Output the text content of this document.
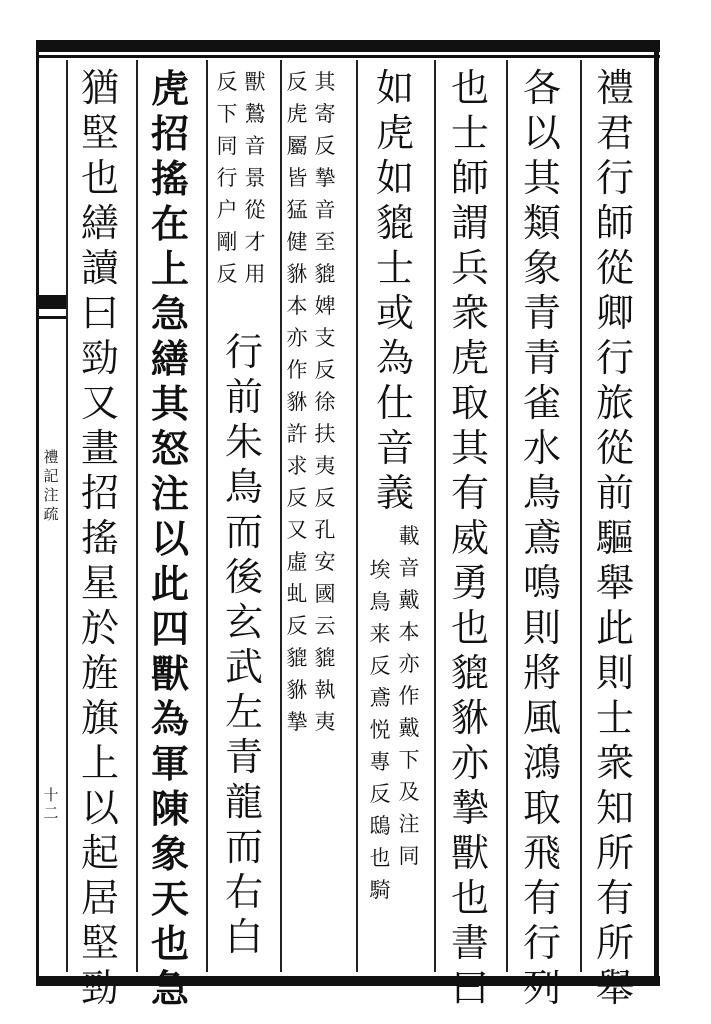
禮
記
注
疏
十
二
禮
君
行
師
從
卿
行
旅
從
前
驅
舉
此
則
士
衆
知
所
有
所
舉
各
以
其
類
象
青
青
雀
水
鳥
鳶
鳴
則
將
風
鴻
取
飛
有
行
列
也
士
師
謂
兵
衆
虎
取
其
有
威
勇
也
貔
貅
亦
摯
獸
也
書
曰
如
虎
如
貔
士
或
為
仕
音
義
載
音
戴
本
亦
作
戴
下
及
注
同
埃
鳥
来
反
鳶
悦
專
反
鴟
也
騎
其
寄
反
摯
音
至
貔
婢
支
反
徐
扶
夷
反
孔
安
國
云
貔
執
夷
反
虎
屬
皆
猛
健
貅
本
亦
作
貅
許
求
反
又
虛
虬
反
貔
貅
摯
獸
鷙
音
景
從
才
用
反
下
同
行
户
剛
反
行
前
朱
鳥
而
後
玄
武
左
青
龍
而
右
白
虎
招
搖
在
上
急
繕
其
怒
注
以
此
四
獸
為
軍
陳
象
天
也
急
猶
堅
也
繕
讀
曰
勁
又
畫
招
搖
星
於
旌
旗
上
以
起
居
堅
勁
